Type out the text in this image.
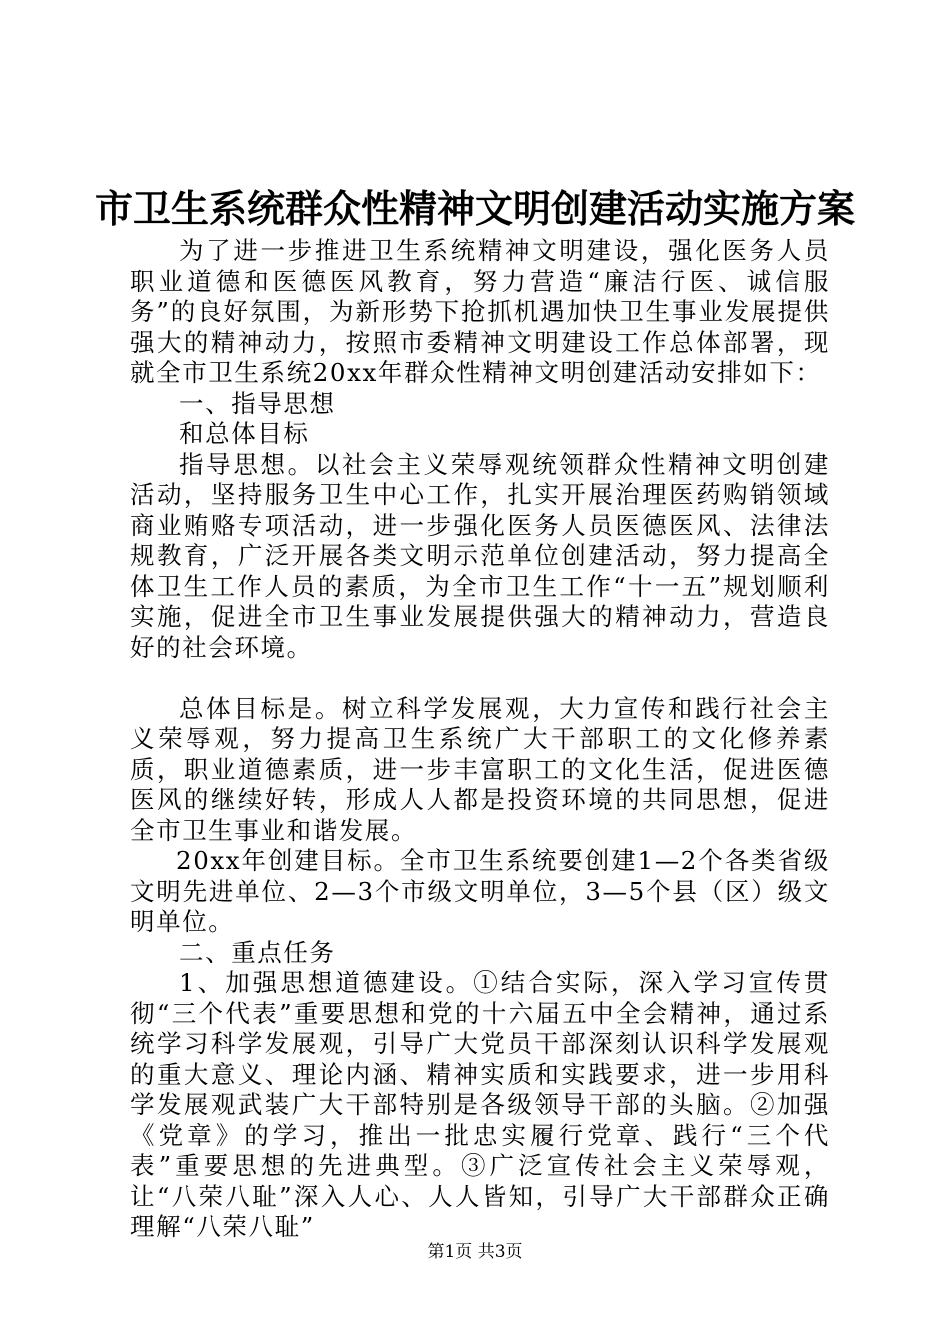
市卫生系统群众性精神文明创建活动实施方案

为了进一步推进卫生系统精神文明建设，强化医务人员职业道德和医德医风教育，努力营造“廉洁行医、诚信服务”的良好氛围，为新形势下抢抓机遇加快卫生事业发展提供强大的精神动力，按照市委精神文明建设工作总体部署，现就全市卫生系统20xx年群众性精神文明创建活动安排如下：

一、指导思想

和总体目标

指导思想。以社会主义荣辱观统领群众性精神文明创建活动，坚持服务卫生中心工作，扎实开展治理医药购销领域商业贿赂专项活动，进一步强化医务人员医德医风、法律法规教育，广泛开展各类文明示范单位创建活动，努力提高全体卫生工作人员的素质，为全市卫生工作“十一五”规划顺利实施，促进全市卫生事业发展提供强大的精神动力，营造良好的社会环境。

总体目标是。树立科学发展观，大力宣传和践行社会主义荣辱观，努力提高卫生系统广大干部职工的文化修养素质，职业道德素质，进一步丰富职工的文化生活，促进医德医风的继续好转，形成人人都是投资环境的共同思想，促进全市卫生事业和谐发展。

20xx年创建目标。全市卫生系统要创建1—2个各类省级文明先进单位、2—3个市级文明单位，3—5个县（区）级文明单位。

二、重点任务

1、加强思想道德建设。①结合实际，深入学习宣传贯彻“三个代表”重要思想和党的十六届五中全会精神，通过系统学习科学发展观，引导广大党员干部深刻认识科学发展观的重大意义、理论内涵、精神实质和实践要求，进一步用科学发展观武装广大干部特别是各级领导干部的头脑。②加强《党章》的学习，推出一批忠实履行党章、践行“三个代表”重要思想的先进典型。③广泛宣传社会主义荣辱观，让“八荣八耻”深入人心、人人皆知，引导广大干部群众正确理解“八荣八耻”

第1页 共3页
